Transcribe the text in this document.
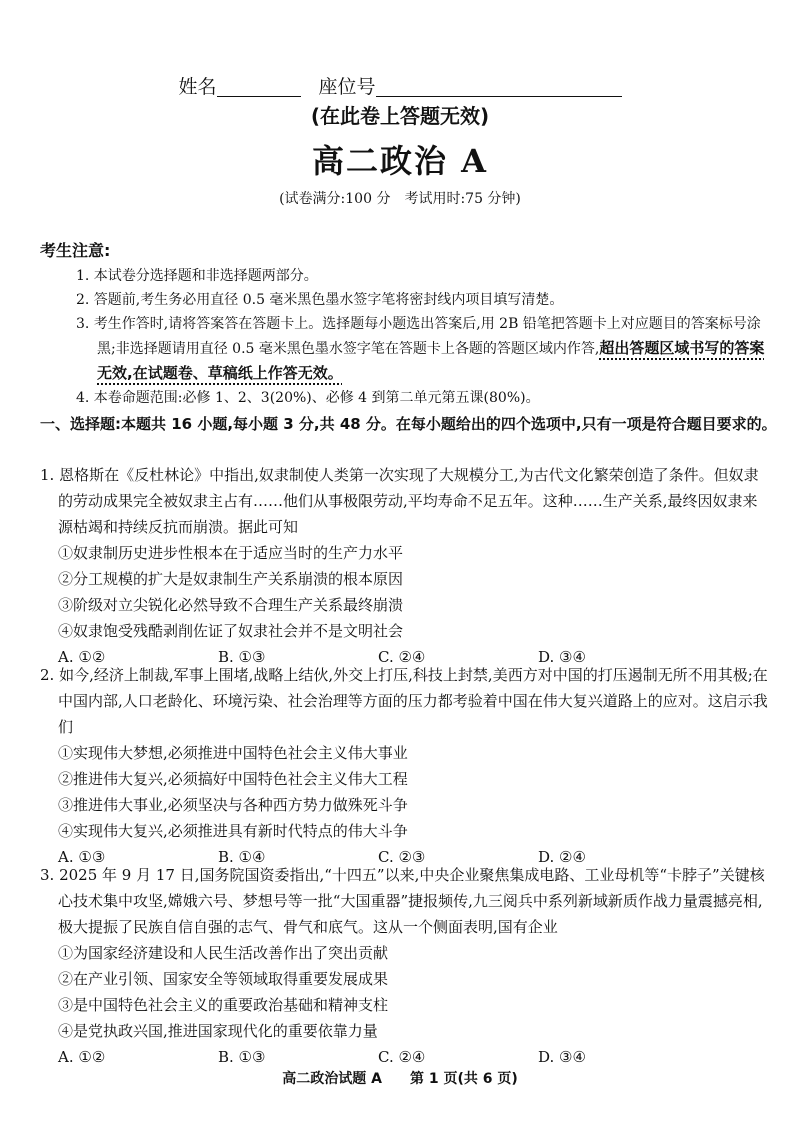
姓名	座位号
(在此卷上答题无效)
高二政治 A
(试卷满分:100 分　考试用时:75 分钟)
考生注意:
1. 本试卷分选择题和非选择题两部分。
2. 答题前,考生务必用直径 0.5 毫米黑色墨水签字笔将密封线内项目填写清楚。
3. 考生作答时,请将答案答在答题卡上。选择题每小题选出答案后,用 2B 铅笔把答题卡上对应题目的答案标号涂黑;非选择题请用直径 0.5 毫米黑色墨水签字笔在答题卡上各题的答题区域内作答,超出答题区域书写的答案无效,在试题卷、草稿纸上作答无效。
4. 本卷命题范围:必修 1、2、3(20%)、必修 4 到第二单元第五课(80%)。
一、选择题:本题共 16 小题,每小题 3 分,共 48 分。在每小题给出的四个选项中,只有一项是符合题目要求的。
1. 恩格斯在《反杜林论》中指出,奴隶制使人类第一次实现了大规模分工,为古代文化繁荣创造了条件。但奴隶的劳动成果完全被奴隶主占有……他们从事极限劳动,平均寿命不足五年。这种……生产关系,最终因奴隶来源枯竭和持续反抗而崩溃。据此可知
①奴隶制历史进步性根本在于适应当时的生产力水平
②分工规模的扩大是奴隶制生产关系崩溃的根本原因
③阶级对立尖锐化必然导致不合理生产关系最终崩溃
④奴隶饱受残酷剥削佐证了奴隶社会并不是文明社会
A. ①②	B. ①③	C. ②④	D. ③④
2. 如今,经济上制裁,军事上围堵,战略上结伙,外交上打压,科技上封禁,美西方对中国的打压遏制无所不用其极;在中国内部,人口老龄化、环境污染、社会治理等方面的压力都考验着中国在伟大复兴道路上的应对。这启示我们
①实现伟大梦想,必须推进中国特色社会主义伟大事业
②推进伟大复兴,必须搞好中国特色社会主义伟大工程
③推进伟大事业,必须坚决与各种西方势力做殊死斗争
④实现伟大复兴,必须推进具有新时代特点的伟大斗争
A. ①③	B. ①④	C. ②③	D. ②④
3. 2025 年 9 月 17 日,国务院国资委指出,“十四五”以来,中央企业聚焦集成电路、工业母机等“卡脖子”关键核心技术集中攻坚,嫦娥六号、梦想号等一批“大国重器”捷报频传,九三阅兵中系列新域新质作战力量震撼亮相,极大提振了民族自信自强的志气、骨气和底气。这从一个侧面表明,国有企业
①为国家经济建设和人民生活改善作出了突出贡献
②在产业引领、国家安全等领域取得重要发展成果
③是中国特色社会主义的重要政治基础和精神支柱
④是党执政兴国,推进国家现代化的重要依靠力量
A. ①②	B. ①③	C. ②④	D. ③④
高二政治试题 A 第 1 页(共 6 页)
